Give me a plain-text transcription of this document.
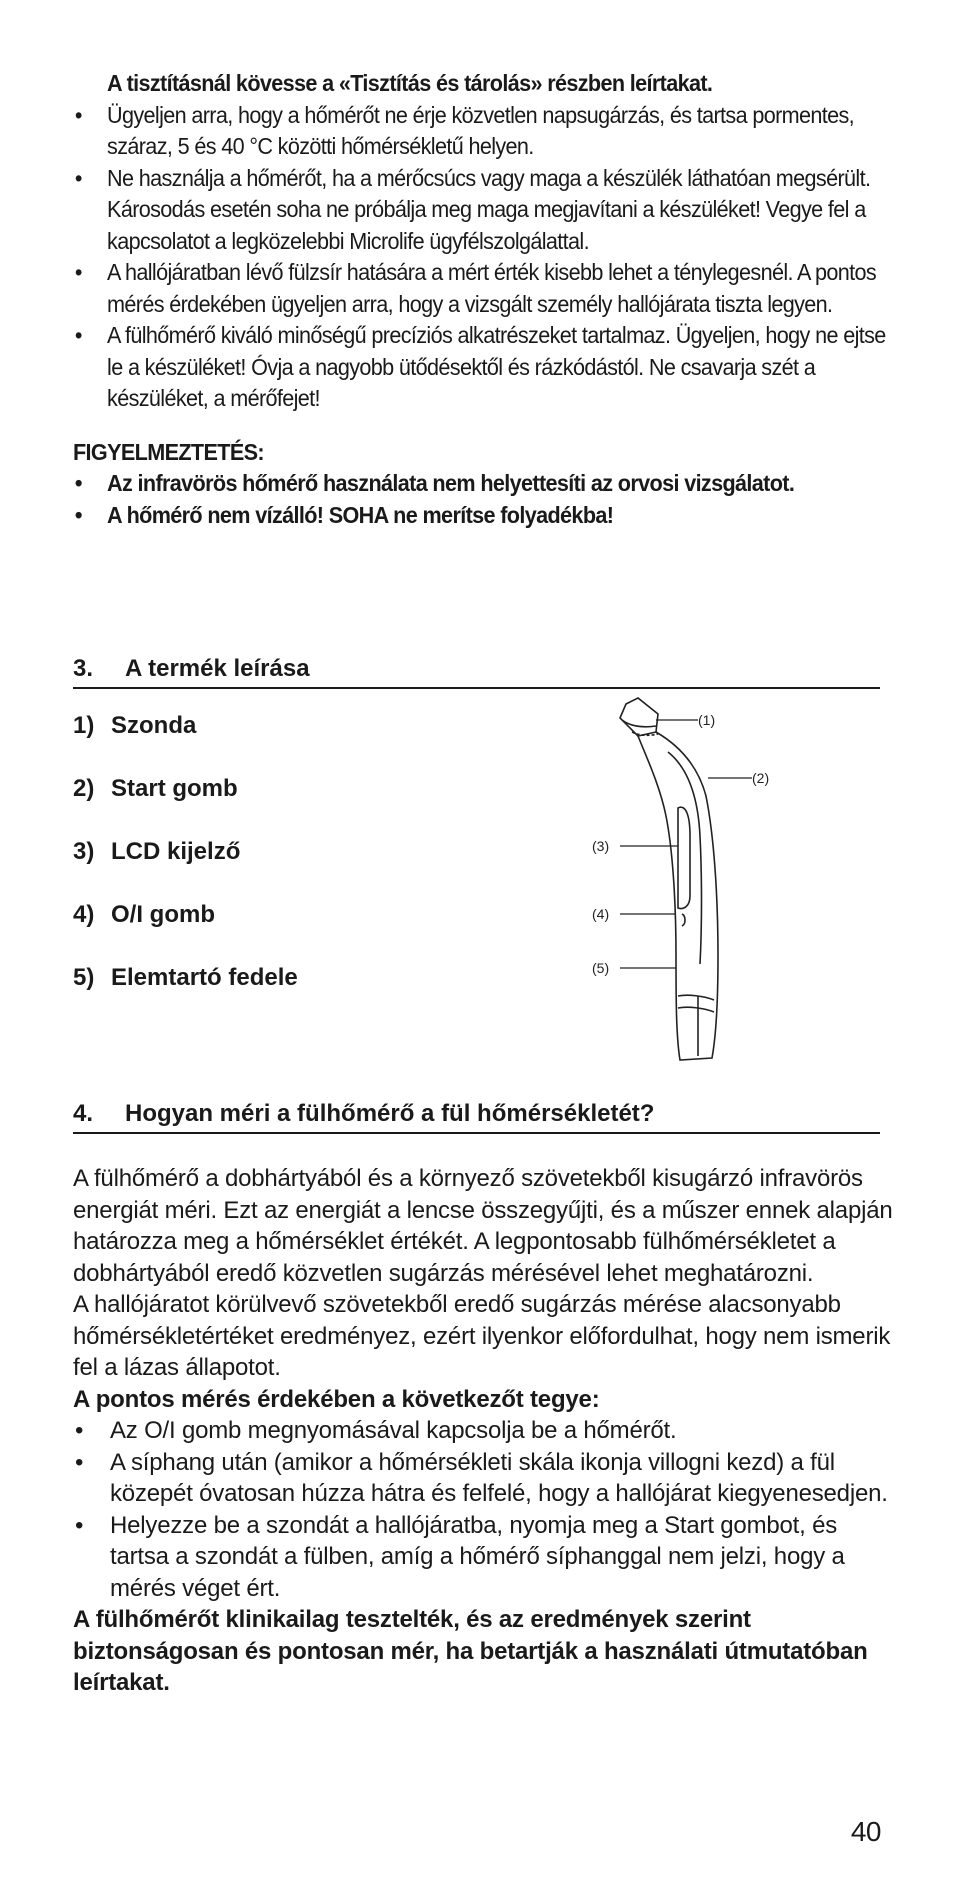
A tisztításnál kövesse a «Tisztítás és tárolás» részben leírtakat.
• Ügyeljen arra, hogy a hőmérőt ne érje közvetlen napsugárzás, és tartsa pormentes, száraz, 5 és 40 °C közötti hőmérsékletű helyen.
• Ne használja a hőmérőt, ha a mérőcsúcs vagy maga a készülék láthatóan megsérült. Károsodás esetén soha ne próbálja meg maga megjavítani a készüléket! Vegye fel a kapcsolatot a legközelebbi Microlife ügyfélszolgálattal.
• A hallójáratban lévő fülzsír hatására a mért érték kisebb lehet a ténylegesnél. A pontos mérés érdekében ügyeljen arra, hogy a vizsgált személy hallójárata tiszta legyen.
• A fülhőmérő kiváló minőségű precíziós alkatrészeket tartalmaz. Ügyeljen, hogy ne ejtse le a készüléket! Óvja a nagyobb ütődésektől és rázkódástól. Ne csavarja szét a készüléket, a mérőfejet!
FIGYELMEZTETÉS:
• Az infravörös hőmérő használata nem helyettesíti az orvosi vizsgálatot.
• A hőmérő nem vízálló! SOHA ne merítse folyadékba!
3. A termék leírása
1) Szonda
2) Start gomb
3) LCD kijelző
4) O/I gomb
5) Elemtartó fedele
(1)
(2)
(3)
(4)
(5)
4. Hogyan méri a fülhőmérő a fül hőmérsékletét?

A fülhőmérő a dobhártyából és a környező szövetekből kisugárzó infravörös energiát méri. Ezt az energiát a lencse összegyűjti, és a műszer ennek alapján határozza meg a hőmérséklet értékét. A legpontosabb fülhőmérsékletet a dobhártyából eredő közvetlen sugárzás mérésével lehet meghatározni.

A hallójáratot körülvevő szövetekből eredő sugárzás mérése alacsonyabb hőmérsékletértéket eredményez, ezért ilyenkor előfordulhat, hogy nem ismerik fel a lázas állapotot.

A pontos mérés érdekében a következőt tegye:

• Az O/I gomb megnyomásával kapcsolja be a hőmérőt.
• A síphang után (amikor a hőmérsékleti skála ikonja villogni kezd) a fül közepét óvatosan húzza hátra és felfelé, hogy a hallójárat kiegyenesedjen.
• Helyezze be a szondát a hallójáratba, nyomja meg a Start gombot, és tartsa a szondát a fülben, amíg a hőmérő síphanggal nem jelzi, hogy a mérés véget ért.

A fülhőmérőt klinikailag tesztelték, és az eredmények szerint biztonságosan és pontosan mér, ha betartják a használati útmutatóban leírtakat.

40
